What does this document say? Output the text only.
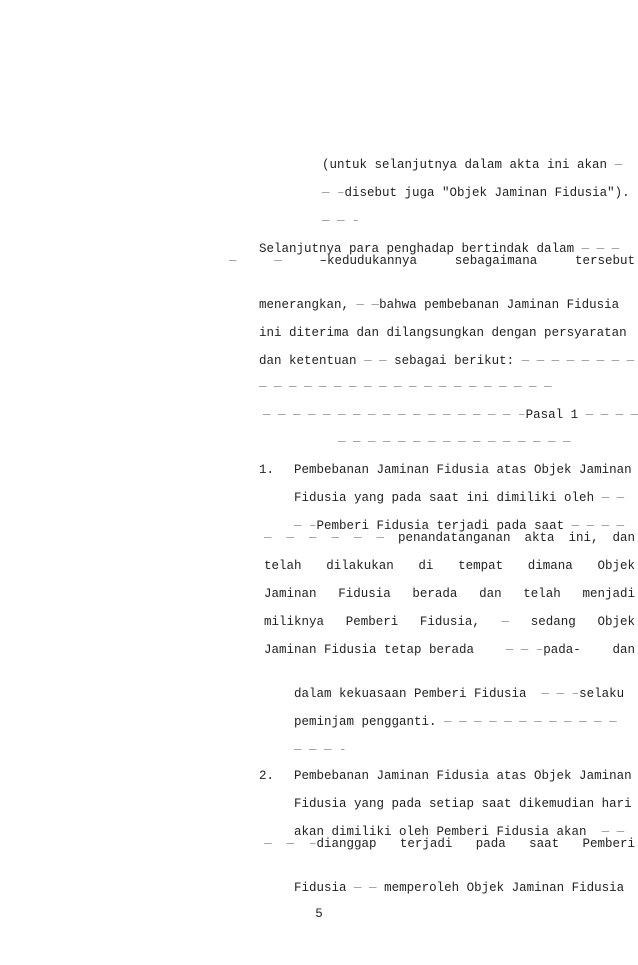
(untuk selanjutnya dalam akta ini akan —

— –disebut juga "Objek Jaminan Fidusia").

— — -

Selanjutnya para penghadap bertindak dalam — — —

—	—	–kedudukannya	sebagaimana	tersebut

menerangkan, — —bahwa pembebanan Jaminan Fidusia

ini diterima dan dilangsungkan dengan persyaratan

dan ketentuan — — sebagai berikut: — — — — — — — —

— — — — — — — — — — — — — — — — — — — —

— — — — — — — — — — — — — — — — — –Pasal 1 — — — —

— — — — — — — — — — — — — — — —

1.
	Pembebanan Jaminan Fidusia atas Objek Jaminan

Fidusia yang pada saat ini dimiliki oleh — —

— –Pemberi Fidusia terjadi pada saat — — — —

—  —  —  —  —  — penandatanganan akta ini, dan
telah dilakukan di tempat dimana Objek
Jaminan Fidusia berada dan telah menjadi
miliknya Pemberi Fidusia, — sedang Objek
Jaminan Fidusia tetap berada	— — –pada-	dan

dalam kekuasaan Pemberi Fidusia — — –selaku

peminjam pengganti. — — — — — — — — — — — —

— — — -

2.
	Pembebanan Jaminan Fidusia atas Objek Jaminan

Fidusia yang pada setiap saat dikemudian hari

akan dimiliki oleh Pemberi Fidusia akan — —

—  —  –dianggap terjadi pada saat Pemberi

Fidusia — — memperoleh Objek Jaminan Fidusia

5
